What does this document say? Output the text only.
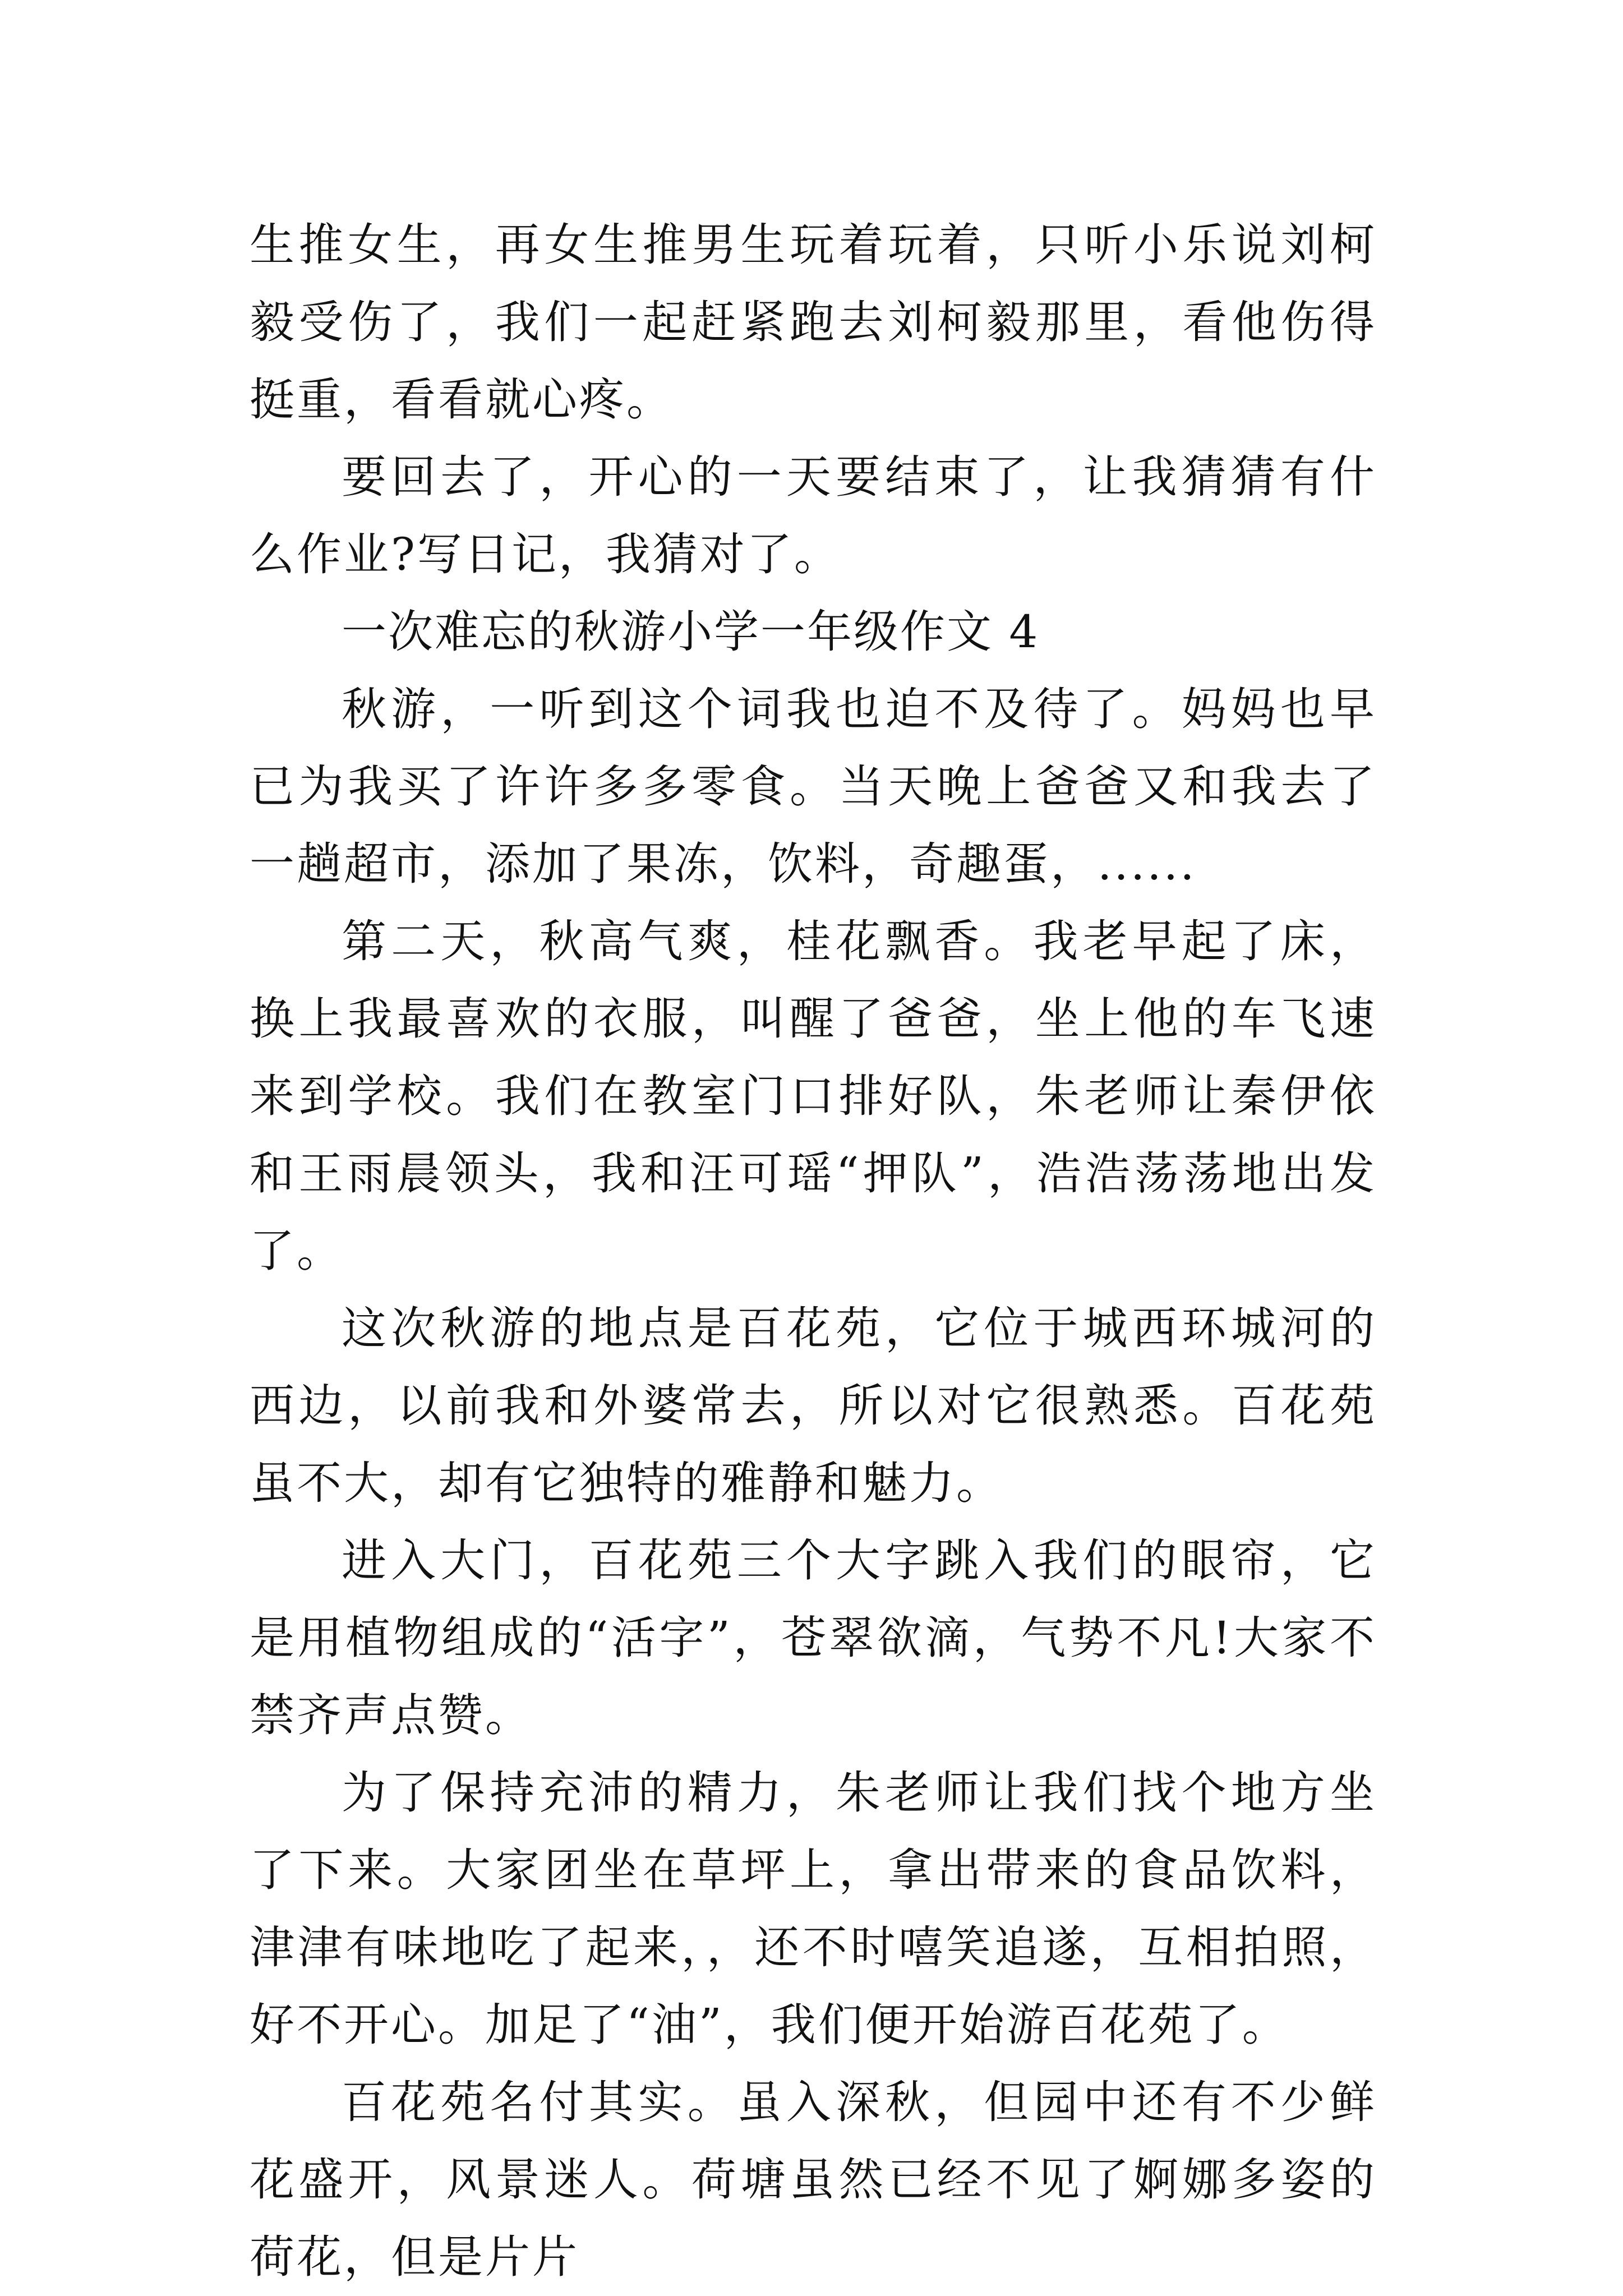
生推女生，再女生推男生玩着玩着，只听小乐说刘柯毅受伤了，我们一起赶紧跑去刘柯毅那里，看他伤得挺重，看看就心疼。

要回去了，开心的一天要结束了，让我猜猜有什么作业?写日记，我猜对了。

一次难忘的秋游小学一年级作文 4

秋游，一听到这个词我也迫不及待了。妈妈也早已为我买了许许多多零食。当天晚上爸爸又和我去了一趟超市，添加了果冻，饮料，奇趣蛋，......

第二天，秋高气爽，桂花飘香。我老早起了床，换上我最喜欢的衣服，叫醒了爸爸，坐上他的车飞速来到学校。我们在教室门口排好队，朱老师让秦伊依和王雨晨领头，我和汪可瑶“押队”，浩浩荡荡地出发了。

这次秋游的地点是百花苑，它位于城西环城河的西边，以前我和外婆常去，所以对它很熟悉。百花苑虽不大，却有它独特的雅静和魅力。

进入大门，百花苑三个大字跳入我们的眼帘，它是用植物组成的“活字”，苍翠欲滴，气势不凡!大家不禁齐声点赞。

为了保持充沛的精力，朱老师让我们找个地方坐了下来。大家团坐在草坪上，拿出带来的食品饮料，津津有味地吃了起来，，还不时嘻笑追遂，互相拍照，好不开心。加足了“油”，我们便开始游百花苑了。

百花苑名付其实。虽入深秋，但园中还有不少鲜花盛开，风景迷人。荷塘虽然已经不见了婀娜多姿的荷花，但是片片
